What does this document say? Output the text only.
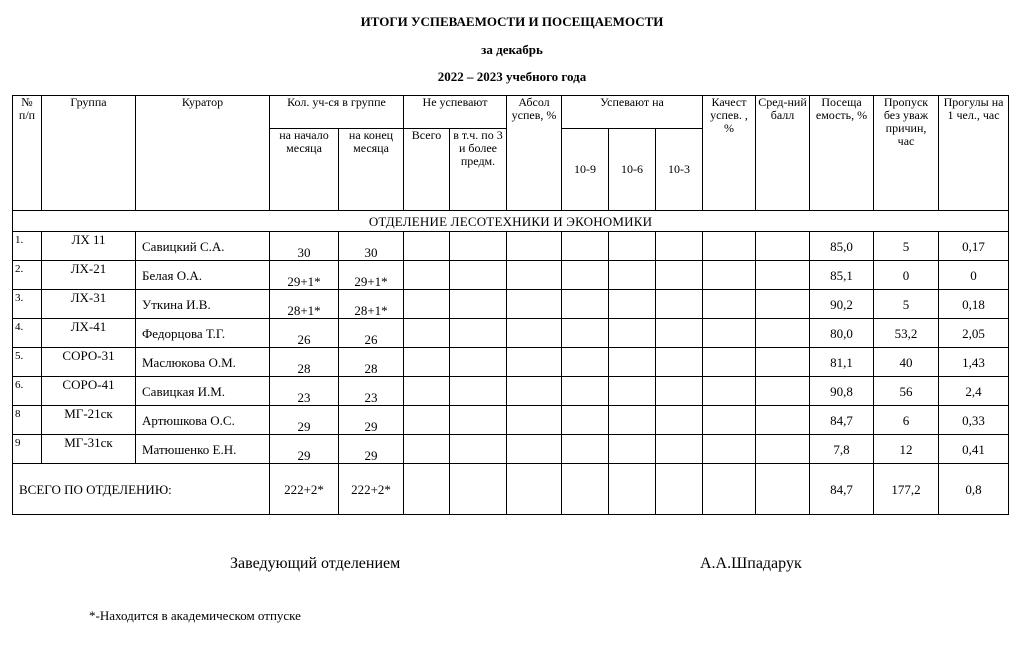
ИТОГИ УСПЕВАЕМОСТИ И ПОСЕЩАЕМОСТИ
за декабрь
2022 – 2023 учебного года
№ п/п	Группа	Куратор	Кол. уч-ся в группе		Не успевают		Абсол успев, %	Успевают на			Качест успев. , %	Сред-ний балл	Посеща емость, %	Пропуск без уваж причин, час	Прогулы на 1 чел., час
			на начало месяца	на конец месяца	Всего	в т.ч. по 3 и более предм.		10-9	10-6	10-3					
ОТДЕЛЕНИЕ ЛЕСОТЕХНИКИ И ЭКОНОМИКИ															
1.	ЛХ 11	Савицкий С.А.	30	30									85,0	5	0,17
2.	ЛХ-21	Белая О.А.	29+1*	29+1*									85,1	0	0
3.	ЛХ-31	Уткина И.В.	28+1*	28+1*									90,2	5	0,18
4.	ЛХ-41	Федорцова Т.Г.	26	26									80,0	53,2	2,05
5.	СОРО-31	Маслюкова О.М.	28	28									81,1	40	1,43
6.	СОРО-41	Савицкая И.М.	23	23									90,8	56	2,4
8	МГ-21ск	Артюшкова О.С.	29	29									84,7	6	0,33
9	МГ-31ск	Матюшенко Е.Н.	29	29									7,8	12	0,41
ВСЕГО ПО ОТДЕЛЕНИЮ:			222+2*	222+2*									84,7	177,2	0,8
Заведующий отделением	А.А.Шпадарук
*-Находится в академическом отпуске
